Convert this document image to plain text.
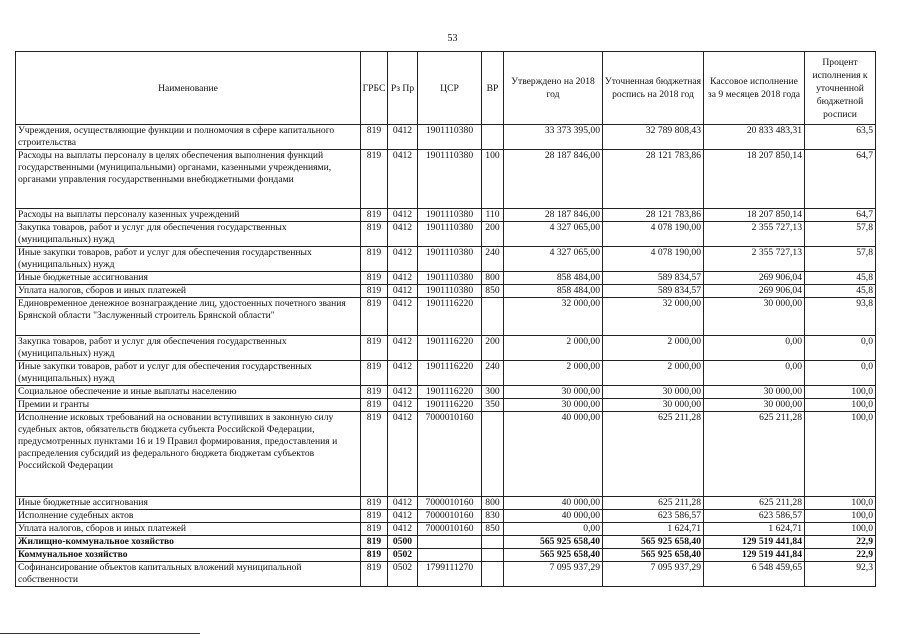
53
Наименование	ГРБС	Рз Пр	ЦСР	ВР	Утверждено на 2018 год	Уточненная бюджетная роспись на 2018 год	Кассовое исполнение за 9 месяцев 2018 года	Процент исполнения к уточненной бюджетной росписи
Учреждения, осуществляющие функции и полномочия в сфере капитального строительства	819	0412	1901110380		33 373 395,00	32 789 808,43	20 833 483,31	63,5
Расходы на выплаты персоналу в целях обеспечения выполнения функций государственными (муниципальными) органами, казенными учреждениями, органами управления государственными внебюджетными фондами	819	0412	1901110380	100	28 187 846,00	28 121 783,86	18 207 850,14	64,7
Расходы на выплаты персоналу казенных учреждений	819	0412	1901110380	110	28 187 846,00	28 121 783,86	18 207 850,14	64,7
Закупка товаров, работ и услуг для обеспечения государственных (муниципальных) нужд	819	0412	1901110380	200	4 327 065,00	4 078 190,00	2 355 727,13	57,8
Иные закупки товаров, работ и услуг для обеспечения государственных (муниципальных) нужд	819	0412	1901110380	240	4 327 065,00	4 078 190,00	2 355 727,13	57,8
Иные бюджетные ассигнования	819	0412	1901110380	800	858 484,00	589 834,57	269 906,04	45,8
Уплата налогов, сборов и иных платежей	819	0412	1901110380	850	858 484,00	589 834,57	269 906,04	45,8
Единовременное денежное вознаграждение лиц, удостоенных почетного звания Брянской области "Заслуженный строитель Брянской области"	819	0412	1901116220		32 000,00	32 000,00	30 000,00	93,8
Закупка товаров, работ и услуг для обеспечения государственных (муниципальных) нужд	819	0412	1901116220	200	2 000,00	2 000,00	0,00	0,0
Иные закупки товаров, работ и услуг для обеспечения государственных (муниципальных) нужд	819	0412	1901116220	240	2 000,00	2 000,00	0,00	0,0
Социальное обеспечение и иные выплаты населению	819	0412	1901116220	300	30 000,00	30 000,00	30 000,00	100,0
Премии и гранты	819	0412	1901116220	350	30 000,00	30 000,00	30 000,00	100,0
Исполнение исковых требований на основании вступивших в законную силу судебных актов, обязательств бюджета субъекта Российской Федерации, предусмотренных пунктами 16 и 19 Правил формирования, предоставления и распределения субсидий из федерального бюджета бюджетам субъектов Российской Федерации	819	0412	7000010160		40 000,00	625 211,28	625 211,28	100,0
Иные бюджетные ассигнования	819	0412	7000010160	800	40 000,00	625 211,28	625 211,28	100,0
Исполнение судебных актов	819	0412	7000010160	830	40 000,00	623 586,57	623 586,57	100,0
Уплата налогов, сборов и иных платежей	819	0412	7000010160	850	0,00	1 624,71	1 624,71	100,0
Жилищно-коммунальное хозяйство	819	0500			565 925 658,40	565 925 658,40	129 519 441,84	22,9
Коммунальное хозяйство	819	0502			565 925 658,40	565 925 658,40	129 519 441,84	22,9
Софинансирование объектов капитальных вложений муниципальной собственности	819	0502	1799111270		7 095 937,29	7 095 937,29	6 548 459,65	92,3
